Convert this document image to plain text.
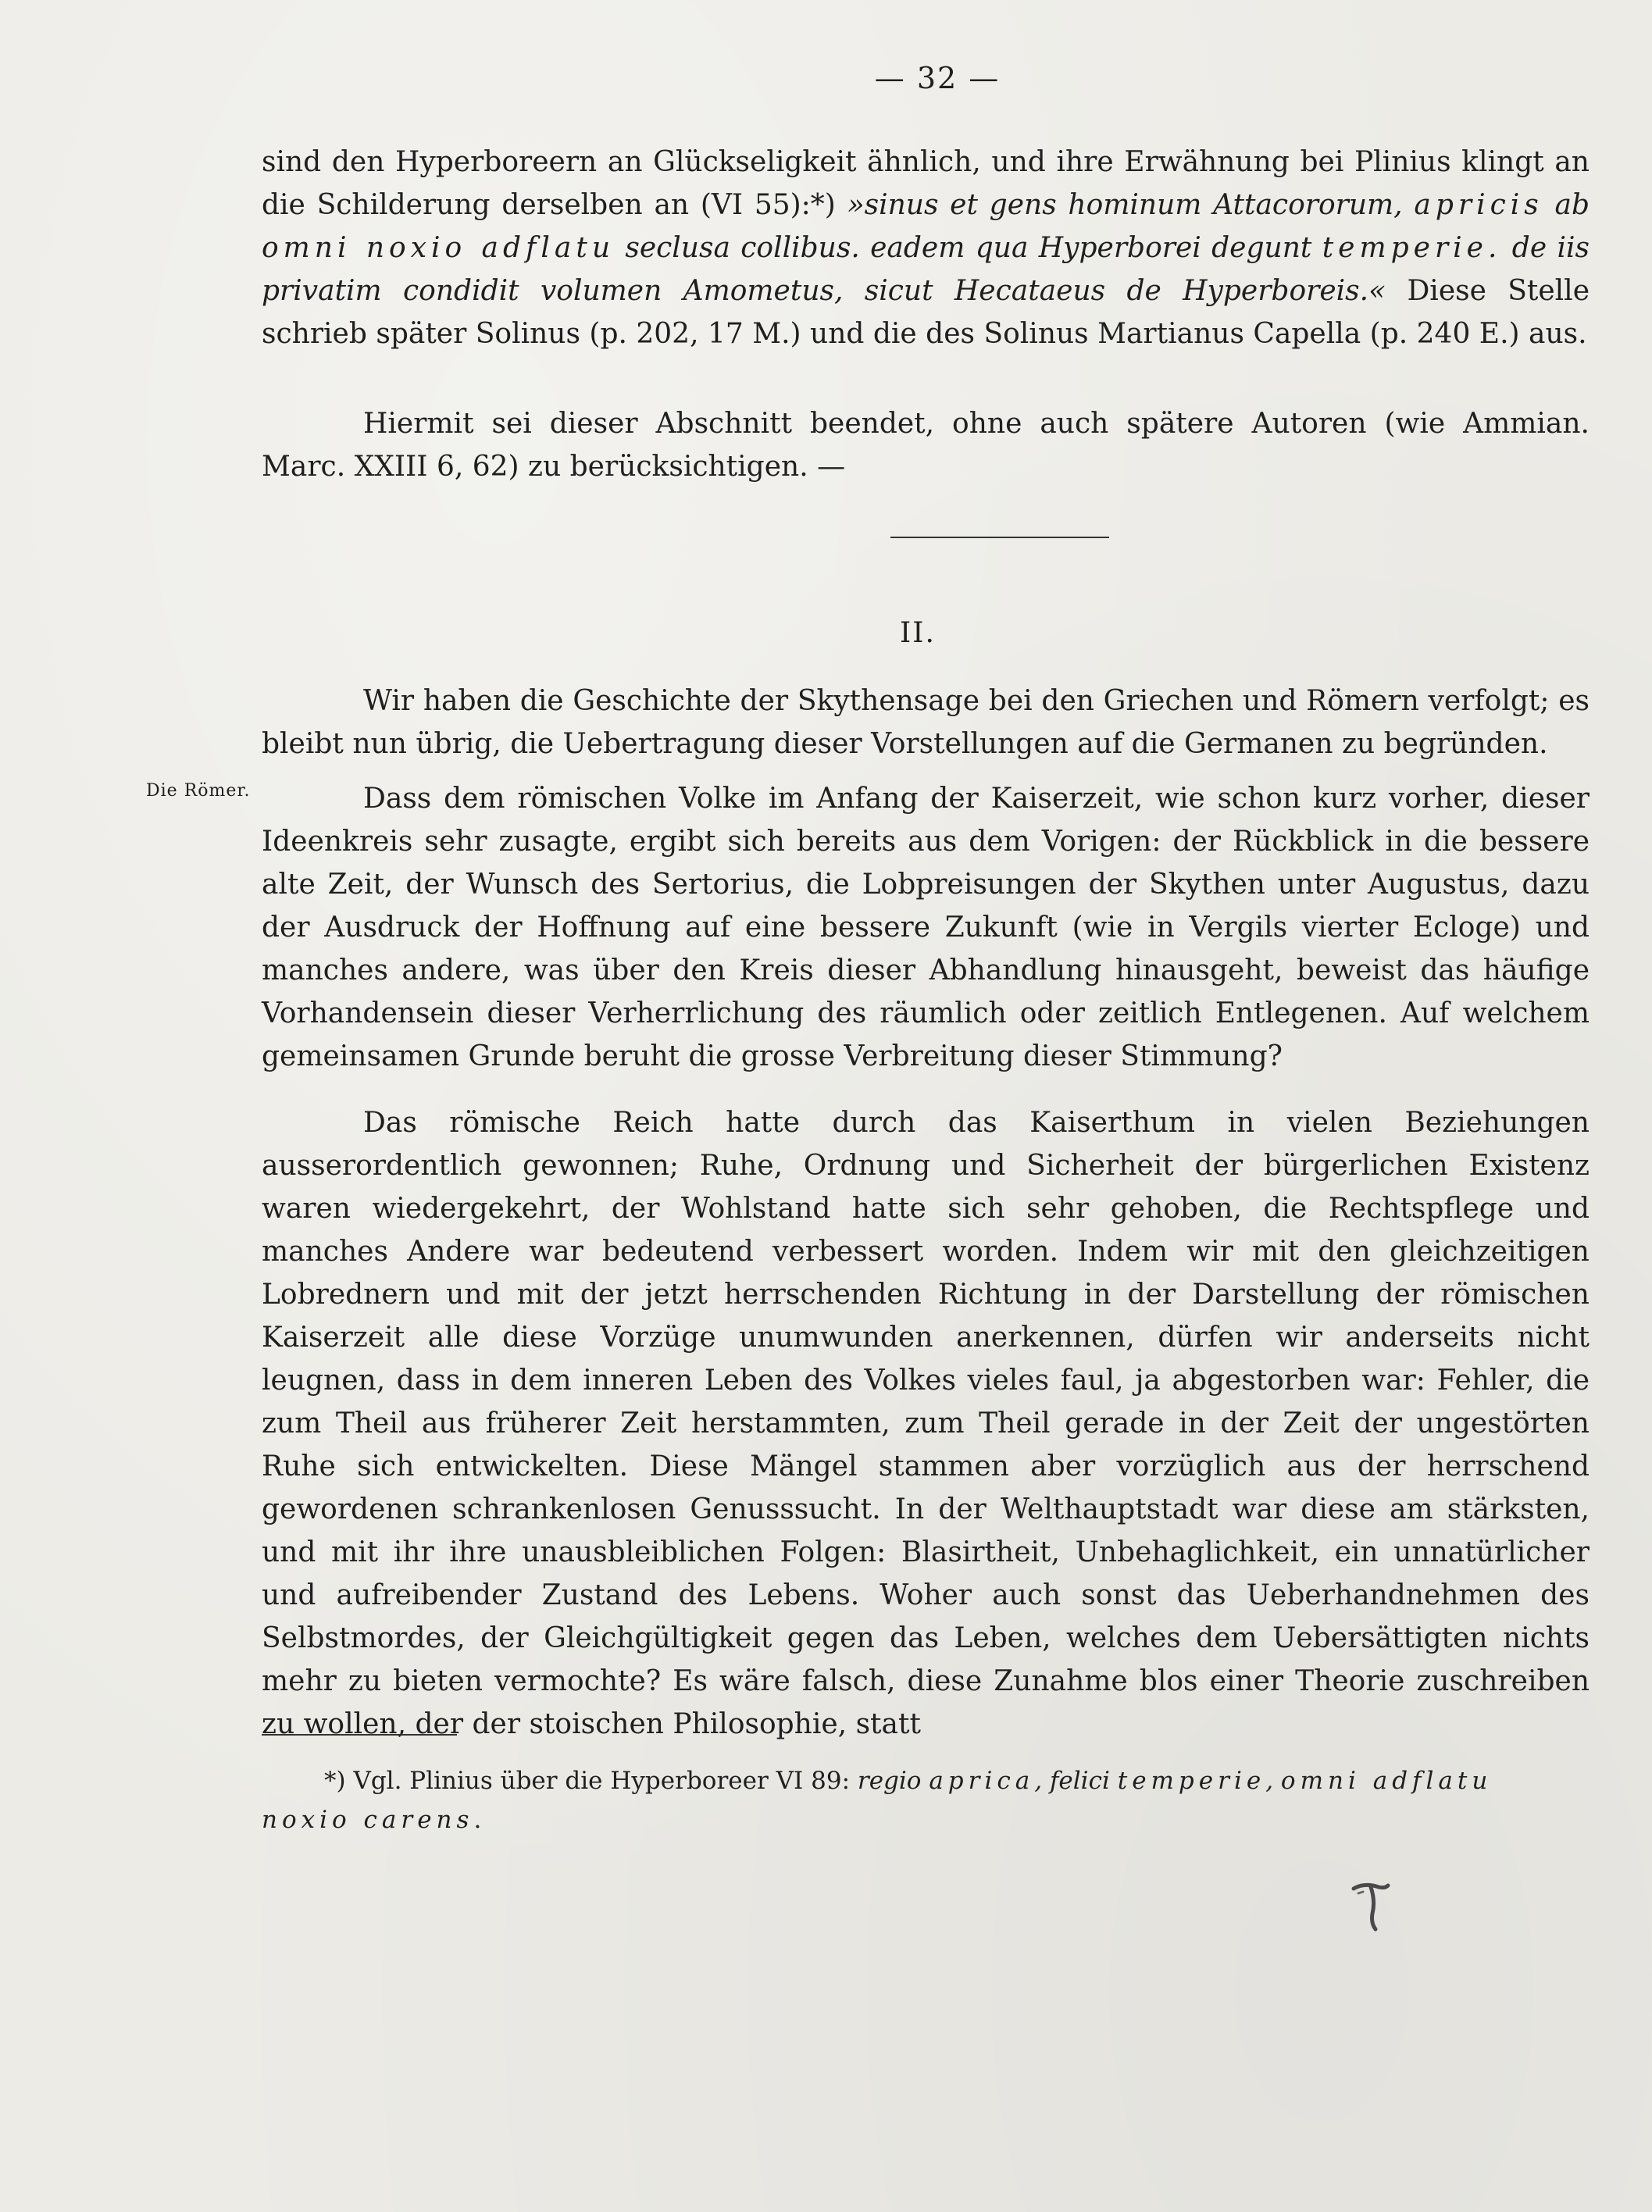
— 32 —

sind den Hyperboreern an Glückseligkeit ähnlich, und ihre Erwähnung bei Plinius klingt an die Schilderung derselben an (VI 55):*) »sinus et gens hominum Attacororum, apricis ab omni noxio adflatu seclusa collibus. eadem qua Hyperborei degunt temperie. de iis privatim condidit volumen Amometus, sicut Hecataeus de Hyperboreis.« Diese Stelle schrieb später Solinus (p. 202, 17 M.) und die des Solinus Martianus Capella (p. 240 E.) aus.

Hiermit sei dieser Abschnitt beendet, ohne auch spätere Autoren (wie Ammian. Marc. XXIII 6, 62) zu berücksichtigen. —

II.

Wir haben die Geschichte der Skythensage bei den Griechen und Römern verfolgt; es bleibt nun übrig, die Uebertragung dieser Vorstellungen auf die Germanen zu begründen.

Die Römer.	Dass dem römischen Volke im Anfang der Kaiserzeit, wie schon kurz vorher, dieser Ideenkreis sehr zusagte, ergibt sich bereits aus dem Vorigen: der Rückblick in die bessere alte Zeit, der Wunsch des Sertorius, die Lobpreisungen der Skythen unter Augustus, dazu der Ausdruck der Hoffnung auf eine bessere Zukunft (wie in Vergils vierter Ecloge) und manches andere, was über den Kreis dieser Abhandlung hinausgeht, beweist das häufige Vorhandensein dieser Verherrlichung des räumlich oder zeitlich Entlegenen. Auf welchem gemeinsamen Grunde beruht die grosse Verbreitung dieser Stimmung?

Das römische Reich hatte durch das Kaiserthum in vielen Beziehungen ausserordentlich gewonnen; Ruhe, Ordnung und Sicherheit der bürgerlichen Existenz waren wiedergekehrt, der Wohlstand hatte sich sehr gehoben, die Rechtspflege und manches Andere war bedeutend verbessert worden. Indem wir mit den gleichzeitigen Lobrednern und mit der jetzt herrschenden Richtung in der Darstellung der römischen Kaiserzeit alle diese Vorzüge unumwunden anerkennen, dürfen wir anderseits nicht leugnen, dass in dem inneren Leben des Volkes vieles faul, ja abgestorben war: Fehler, die zum Theil aus früherer Zeit herstammten, zum Theil gerade in der Zeit der ungestörten Ruhe sich entwickelten. Diese Mängel stammen aber vorzüglich aus der herrschend gewordenen schrankenlosen Genusssucht. In der Welthauptstadt war diese am stärksten, und mit ihr ihre unausbleiblichen Folgen: Blasirtheit, Unbehaglichkeit, ein unnatürlicher und aufreibender Zustand des Lebens. Woher auch sonst das Ueberhandnehmen des Selbstmordes, der Gleichgültigkeit gegen das Leben, welches dem Uebersättigten nichts mehr zu bieten vermochte? Es wäre falsch, diese Zunahme blos einer Theorie zuschreiben zu wollen, der der stoischen Philosophie, statt

*) Vgl. Plinius über die Hyperboreer VI 89: regio aprica, felici temperie, omni adflatu noxio carens.
